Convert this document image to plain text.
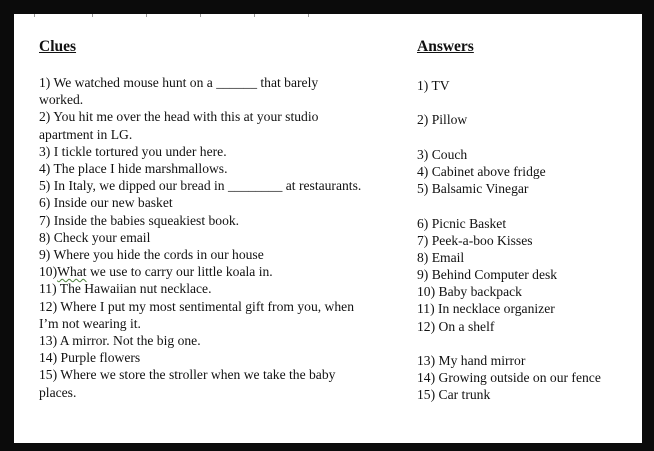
Clues	Answers
1) We watched mouse hunt on a ______ that barely worked.
2) You hit me over the head with this at your studio apartment in LG.
3) I tickle tortured you under here.
4) The place I hide marshmallows.
5) In Italy, we dipped our bread in ________ at restaurants.
6) Inside our new basket
7) Inside the babies squeakiest book.
8) Check your email
9) Where you hide the cords in our house
10)What we use to carry our little koala in.
11) The Hawaiian nut necklace.
12) Where I put my most sentimental gift from you, when I’m not wearing it.
13) A mirror. Not the big one.
14) Purple flowers
15) Where we store the stroller when we take the baby places.
1) TV
2) Pillow
3) Couch
4) Cabinet above fridge
5) Balsamic Vinegar
6) Picnic Basket
7) Peek-a-boo Kisses
8) Email
9) Behind Computer desk
10) Baby backpack
11) In necklace organizer
12) On a shelf
13) My hand mirror
14) Growing outside on our fence
15) Car trunk
